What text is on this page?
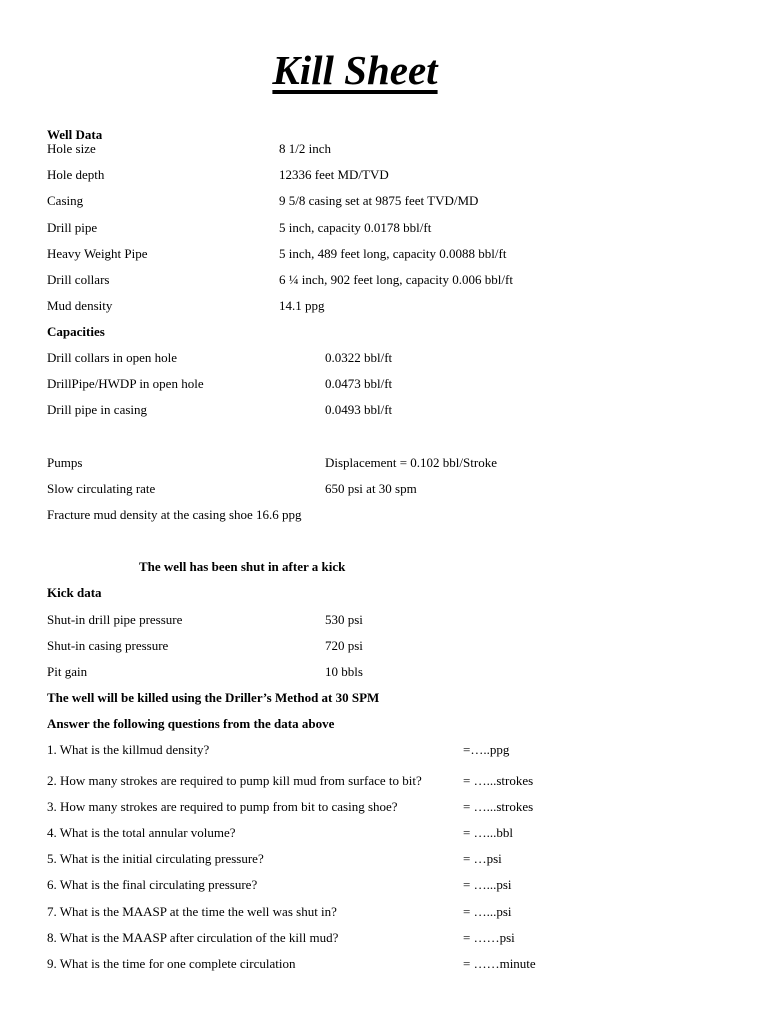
Kill Sheet
Well Data
Hole size	8 1/2 inch
Hole depth	12336 feet MD/TVD
Casing	9 5/8 casing set at 9875 feet TVD/MD
Drill pipe	5 inch, capacity 0.0178 bbl/ft
Heavy Weight Pipe	5 inch, 489 feet long, capacity 0.0088 bbl/ft
Drill collars	6 ¼ inch, 902 feet long, capacity 0.006 bbl/ft
Mud density	14.1 ppg
Capacities
Drill collars in open hole	0.0322 bbl/ft
DrillPipe/HWDP in open hole	0.0473 bbl/ft
Drill pipe in casing	0.0493 bbl/ft
Pumps	Displacement = 0.102 bbl/Stroke
Slow circulating rate	650 psi at 30 spm
Fracture mud density at the casing shoe 16.6 ppg
The well has been shut in after a kick
Kick data
Shut-in drill pipe pressure	530 psi
Shut-in casing pressure	720 psi
Pit gain	10 bbls
The well will be killed using the Driller’s Method at 30 SPM
Answer the following questions from the data above
1. What is the killmud density?	=…..ppg
2. How many strokes are required to pump kill mud from surface to bit?	= …...strokes
3. How many strokes are required to pump from bit to casing shoe?	= …...strokes
4. What is the total annular volume?	= …...bbl
5. What is the initial circulating pressure?	= …psi
6. What is the final circulating pressure?	= …...psi
7. What is the MAASP at the time the well was shut in?	= …...psi
8. What is the MAASP after circulation of the kill mud?	= ……psi
9. What is the time for one complete circulation	= ……minute
